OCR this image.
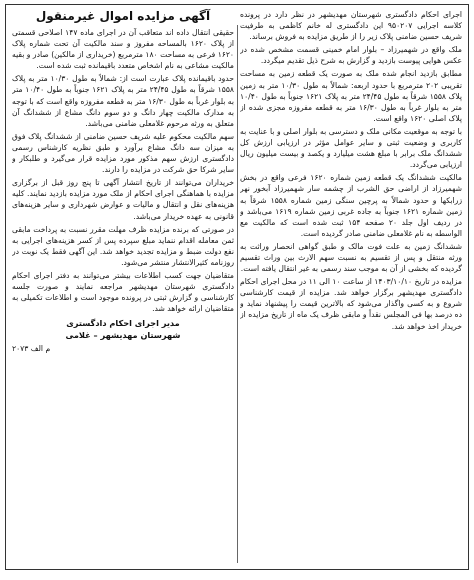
اجرای احکام دادگستری شهرستان مهدیشهر در نظر دارد در پرونده کلاسه اجرایی ۹۵۰۲۰۷ این دادگستری له خانم کاظمی به طرفیت شریف حسین ضامنی پلاک زیر را از طریق مزایده به فروش برساند.

ملک واقع در شهمیرزاد – بلوار امام خمینی قسمت مشخص شده در عکس هوایی پیوست بازدید و گزارش به شرح ذیل تقدیم میگردد.

مطابق بازدید انجام شده ملک به صورت یک قطعه زمین به مساحت تقریبی ۲۰۲ مترمربع با حدود اربعه: شمالاً به طول ۱۰/۳۰ متر به زمین پلاک ۱۵۵۸ شرقاً به طول ۲۴/۴۵ متر به پلاک ۱۶۲۱ جنوباً به طول ۱۰/۴۰ متر به بلوار غرباً به طول ۱۶/۳۰ متر به قطعه مفروزه مجزی شده از پلاک اصلی ۱۶۲۰ واقع است.

با توجه به موقعیت مکانی ملک و دسترسی به بلوار اصلی و با عنایت به کاربری و وضعیت ثبتی و سایر عوامل مؤثر در ارزیابی ارزش کل ششدانگ ملک برابر با مبلغ هشت میلیارد و یکصد و بیست میلیون ریال ارزیابی می‌گردد.

مالکیت ششدانگ یک قطعه زمین شماره ۱۶۲۰ فرعی واقع در بخش شهمیرزاد از اراضی حق الشرب از چشمه سار شهمیرزاد آبخور نهر زرابکها و حدود شمالاً به پرچین سنگی زمین شماره ۱۵۵۸ شرقاً به زمین شماره ۱۶۲۱ جنوباً به جاده غربی زمین شماره ۱۶۱۹ می‌باشد و در ردیف اول جلد ۲۰ صفحه ۱۵۴ ثبت شده است که مالکیت مع الواسطه به نام غلامعلی ضامنی صادر گردیده است.

ششدانگ زمین به علت فوت مالک و طبق گواهی انحصار وراثت به ورثه منتقل و پس از تقسیم به نسبت سهم الارث بین وراث تقسیم گردیده که بخشی از آن به موجب سند رسمی به غیر انتقال یافته است.

مزایده در تاریخ ۱۴۰۳/۱۰/۱۰ از ساعت ۱۰ الی ۱۱ در محل اجرای احکام دادگستری مهدیشهر برگزار خواهد شد. مزایده از قیمت کارشناسی شروع و به کسی واگذار می‌شود که بالاترین قیمت را پیشنهاد نماید و ده درصد بها فی المجلس نقداً و مابقی ظرف یک ماه از تاریخ مزایده از خریدار اخذ خواهد شد.

آگهی مزایده اموال غیرمنقول

حقیقی انتقال داده اند متعاقب آن در اجرای ماده ۱۴۷ اصلاحی قسمتی از پلاک ۱۶۲۰ بالمساحه مفروز و سند مالکیت آن تحت شماره پلاک ۱۶۲۰ فرعی به مساحت ۱۸۰ مترمربع (خریداری از مالکین) صادر و بقیه مالکیت مشاعی به نام اشخاص متعدد باقیمانده ثبت شده است.

حدود باقیمانده پلاک عبارت است از: شمالاً به طول ۱۰/۳۰ متر به پلاک ۱۵۵۸ شرقاً به طول ۲۴/۴۵ متر به پلاک ۱۶۲۱ جنوباً به طول ۱۰/۴۰ متر به بلوار غرباً به طول ۱۶/۳۰ متر به قطعه مفروزه واقع است که با توجه به مدارک مالکیت چهار دانگ و دو سوم دانگ مشاع از ششدانگ آن متعلق به ورثه مرحوم غلامعلی ضامنی می‌باشد.

سهم مالکیت محکوم علیه شریف حسین ضامنی از ششدانگ پلاک فوق به میزان سه دانگ مشاع برآورد و طبق نظریه کارشناس رسمی دادگستری ارزش سهم مذکور مورد مزایده قرار می‌گیرد و طلبکار و سایر شرکا حق شرکت در مزایده را دارند.

خریداران می‌توانند از تاریخ انتشار آگهی تا پنج روز قبل از برگزاری مزایده با هماهنگی اجرای احکام از ملک مورد مزایده بازدید نمایند. کلیه هزینه‌های نقل و انتقال و مالیات و عوارض شهرداری و سایر هزینه‌های قانونی به عهده خریدار می‌باشد.

در صورتی که برنده مزایده ظرف مهلت مقرر نسبت به پرداخت مابقی ثمن معامله اقدام ننماید مبلغ سپرده پس از کسر هزینه‌های اجرایی به نفع دولت ضبط و مزایده تجدید خواهد شد. این آگهی فقط یک نوبت در روزنامه کثیرالانتشار منتشر می‌شود.

متقاضیان جهت کسب اطلاعات بیشتر می‌توانند به دفتر اجرای احکام دادگستری شهرستان مهدیشهر مراجعه نمایند و صورت جلسه کارشناسی و گزارش ثبتی در پرونده موجود است و اطلاعات تکمیلی به متقاضیان ارائه خواهد شد.

مدیر اجرای احکام دادگستری
شهرستان مهدیشهر – غلامی
م الف ۲۰۷۳
